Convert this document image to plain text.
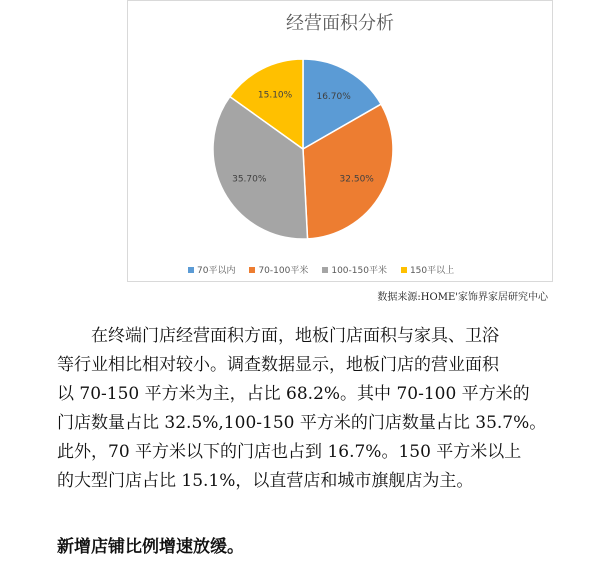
经营面积分析
16.70%
32.50%
35.70%
15.10%
70平以内	70-100平米	100-150平米	150平以上
数据来源:HOME'家饰界家居研究中心
在终端门店经营面积方面，地板门店面积与家具、卫浴
等行业相比相对较小。调查数据显示，地板门店的营业面积
以 70-150 平方米为主，占比 68.2%。其中 70-100 平方米的
门店数量占比 32.5%,100-150 平方米的门店数量占比 35.7%。
此外，70 平方米以下的门店也占到 16.7%。150 平方米以上
的大型门店占比 15.1%，以直营店和城市旗舰店为主。
新增店铺比例增速放缓。
